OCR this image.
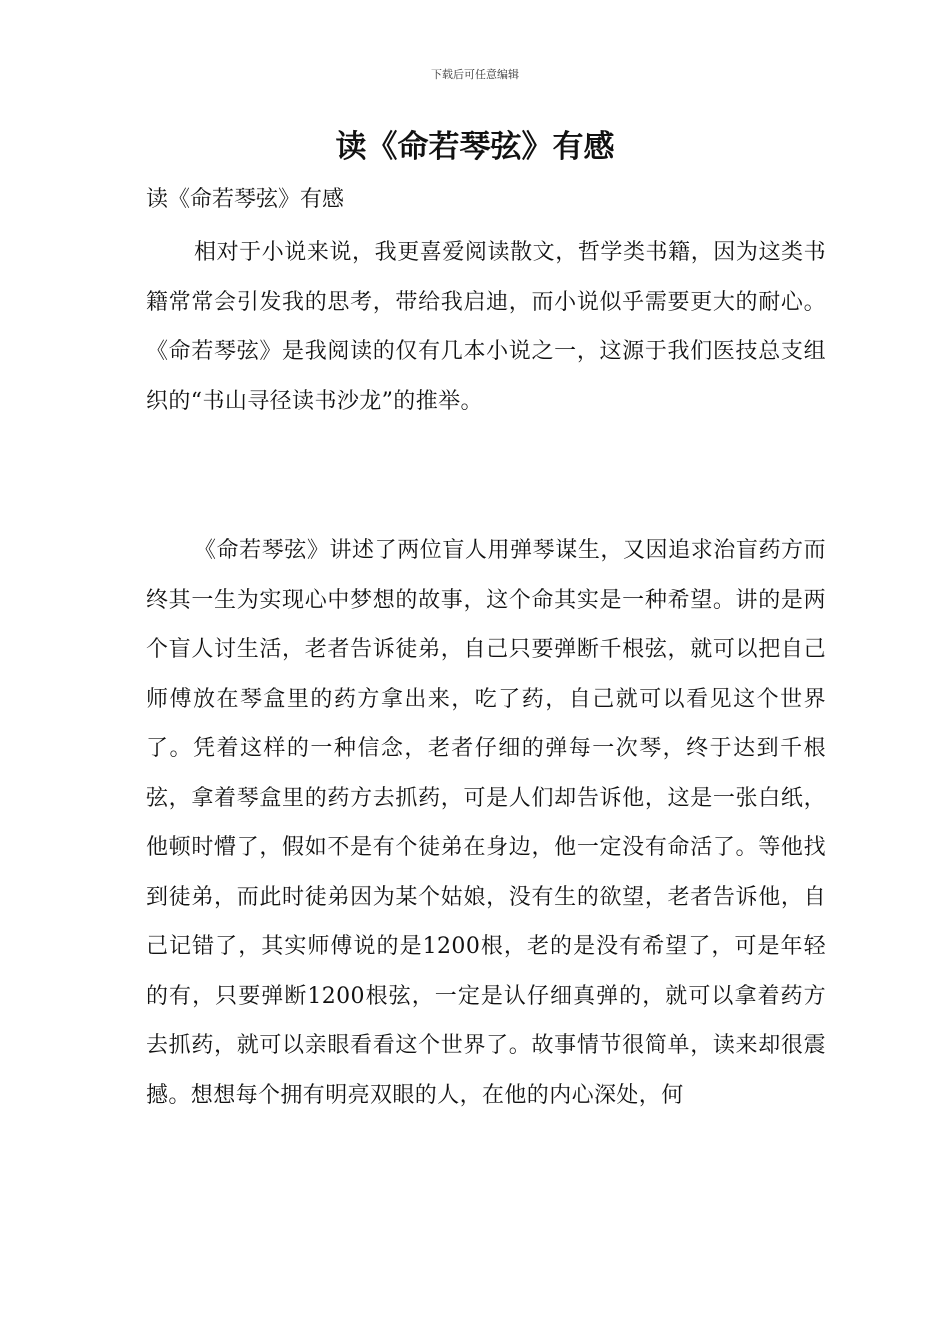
下载后可任意编辑
读《命若琴弦》有感
读《命若琴弦》有感

相对于小说来说，我更喜爱阅读散文，哲学类书籍，因为这类书籍常常会引发我的思考，带给我启迪，而小说似乎需要更大的耐心。《命若琴弦》是我阅读的仅有几本小说之一，这源于我们医技总支组织的“书山寻径读书沙龙”的推举。

《命若琴弦》讲述了两位盲人用弹琴谋生，又因追求治盲药方而终其一生为实现心中梦想的故事，这个命其实是一种希望。讲的是两个盲人讨生活，老者告诉徒弟，自己只要弹断千根弦，就可以把自己师傅放在琴盒里的药方拿出来，吃了药，自己就可以看见这个世界了。凭着这样的一种信念，老者仔细的弹每一次琴，终于达到千根弦，拿着琴盒里的药方去抓药，可是人们却告诉他，这是一张白纸，他顿时懵了，假如不是有个徒弟在身边，他一定没有命活了。等他找到徒弟，而此时徒弟因为某个姑娘，没有生的欲望，老者告诉他，自己记错了，其实师傅说的是1200根，老的是没有希望了，可是年轻的有，只要弹断1200根弦，一定是认仔细真弹的，就可以拿着药方去抓药，就可以亲眼看看这个世界了。故事情节很简单，读来却很震撼。想想每个拥有明亮双眼的人，在他的内心深处，何
